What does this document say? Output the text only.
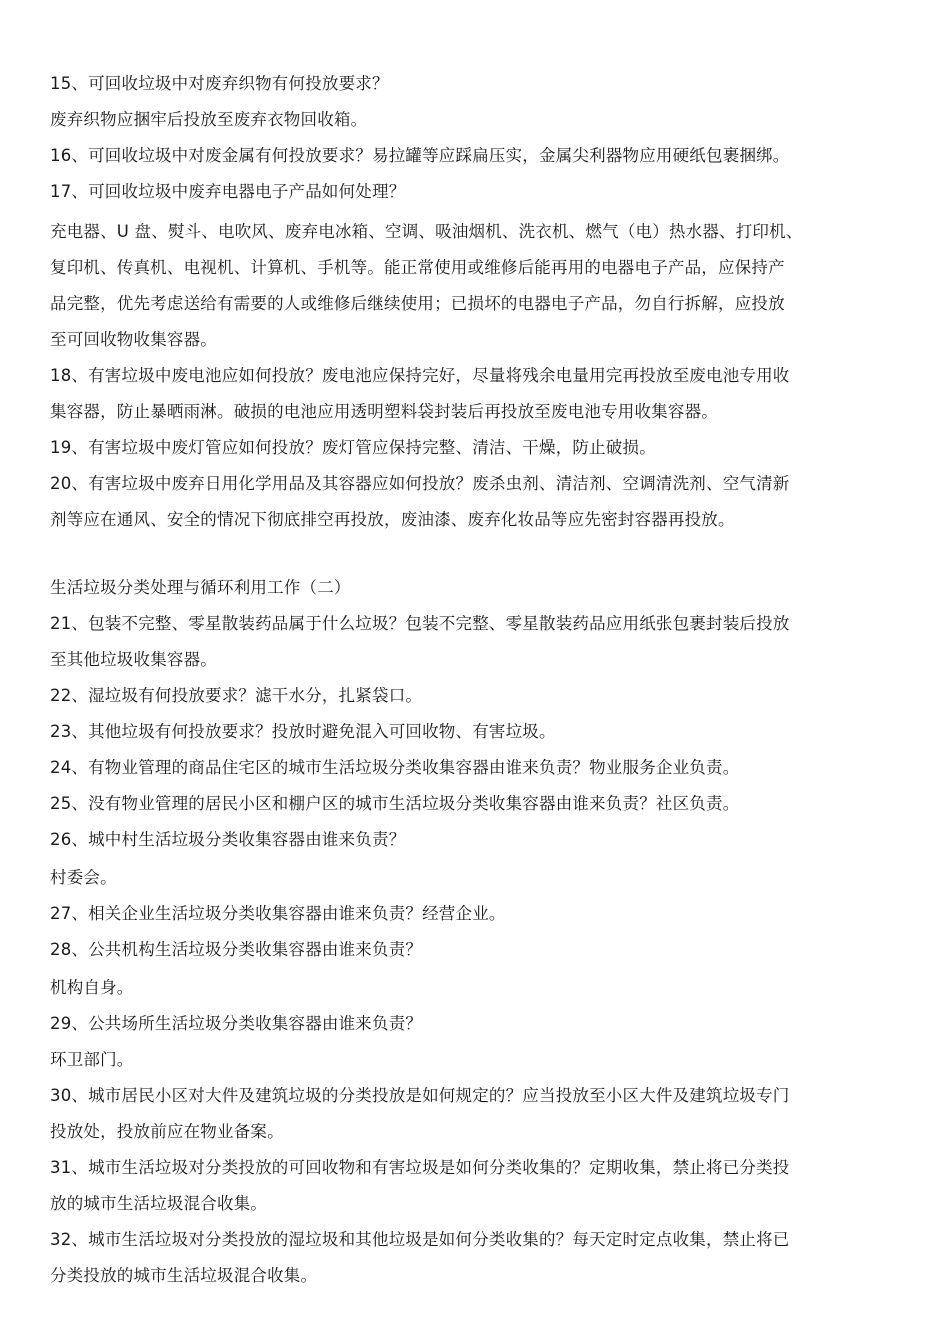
15、可回收垃圾中对废弃织物有何投放要求？
废弃织物应捆牢后投放至废弃衣物回收箱。
16、可回收垃圾中对废金属有何投放要求？易拉罐等应踩扁压实，金属尖利器物应用硬纸包裹捆绑。
17、可回收垃圾中废弃电器电子产品如何处理？
充电器、U 盘、熨斗、电吹风、废弃电冰箱、空调、吸油烟机、洗衣机、燃气（电）热水器、打印机、
复印机、传真机、电视机、计算机、手机等。能正常使用或维修后能再用的电器电子产品，应保持产
品完整，优先考虑送给有需要的人或维修后继续使用；已损坏的电器电子产品，勿自行拆解，应投放
至可回收物收集容器。
18、有害垃圾中废电池应如何投放？废电池应保持完好，尽量将残余电量用完再投放至废电池专用收
集容器，防止暴晒雨淋。破损的电池应用透明塑料袋封装后再投放至废电池专用收集容器。
19、有害垃圾中废灯管应如何投放？废灯管应保持完整、清洁、干燥，防止破损。
20、有害垃圾中废弃日用化学用品及其容器应如何投放？废杀虫剂、清洁剂、空调清洗剂、空气清新
剂等应在通风、安全的情况下彻底排空再投放，废油漆、废弃化妆品等应先密封容器再投放。
生活垃圾分类处理与循环利用工作（二）
21、包装不完整、零星散装药品属于什么垃圾？包装不完整、零星散装药品应用纸张包裹封装后投放
至其他垃圾收集容器。
22、湿垃圾有何投放要求？滤干水分，扎紧袋口。
23、其他垃圾有何投放要求？投放时避免混入可回收物、有害垃圾。
24、有物业管理的商品住宅区的城市生活垃圾分类收集容器由谁来负责？物业服务企业负责。
25、没有物业管理的居民小区和棚户区的城市生活垃圾分类收集容器由谁来负责？社区负责。
26、城中村生活垃圾分类收集容器由谁来负责？
村委会。
27、相关企业生活垃圾分类收集容器由谁来负责？经营企业。
28、公共机构生活垃圾分类收集容器由谁来负责？
机构自身。
29、公共场所生活垃圾分类收集容器由谁来负责？
环卫部门。
30、城市居民小区对大件及建筑垃圾的分类投放是如何规定的？应当投放至小区大件及建筑垃圾专门
投放处，投放前应在物业备案。
31、城市生活垃圾对分类投放的可回收物和有害垃圾是如何分类收集的？定期收集，禁止将已分类投
放的城市生活垃圾混合收集。
32、城市生活垃圾对分类投放的湿垃圾和其他垃圾是如何分类收集的？每天定时定点收集，禁止将已
分类投放的城市生活垃圾混合收集。
